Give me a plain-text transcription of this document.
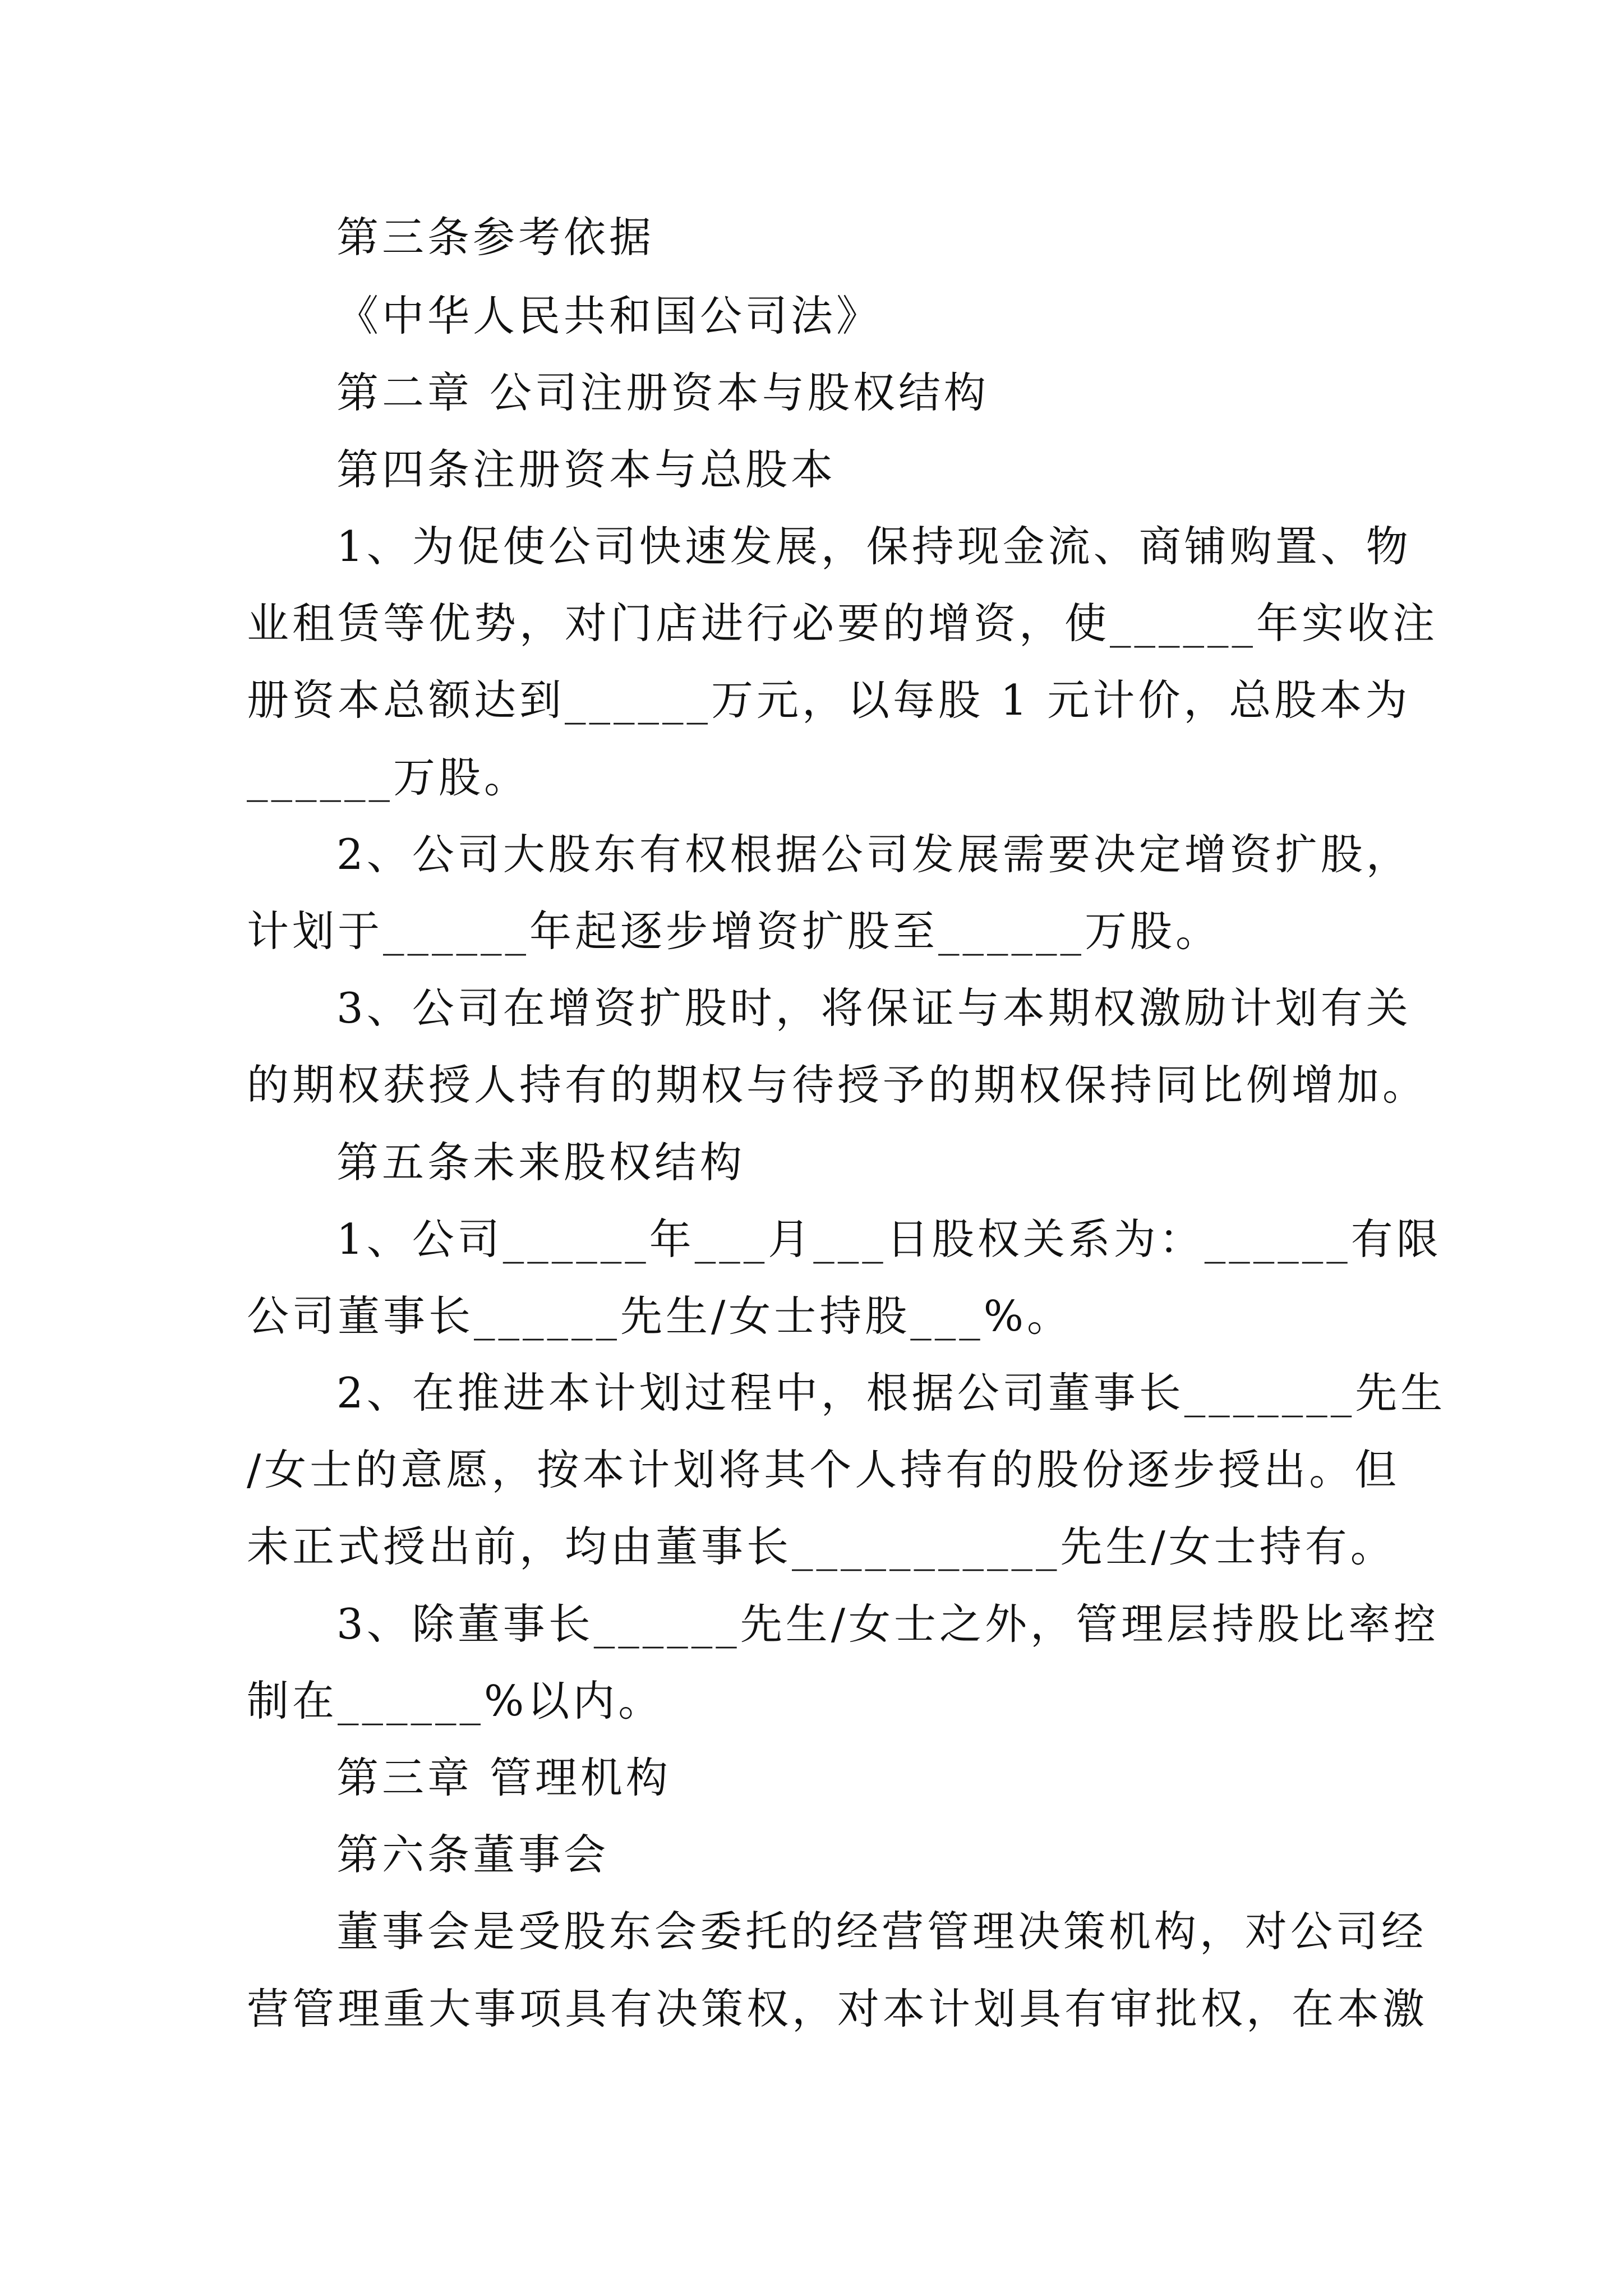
第三条参考依据
《中华人民共和国公司法》
第二章 公司注册资本与股权结构
第四条注册资本与总股本
1、为促使公司快速发展，保持现金流、商铺购置、物
业租赁等优势，对门店进行必要的增资，使______年实收注
册资本总额达到______万元，以每股 1 元计价，总股本为
______万股。
2、公司大股东有权根据公司发展需要决定增资扩股，
计划于______年起逐步增资扩股至______万股。
3、公司在增资扩股时，将保证与本期权激励计划有关
的期权获授人持有的期权与待授予的期权保持同比例增加。
第五条未来股权结构
1、公司______年___月___日股权关系为：______有限
公司董事长______先生/女士持股___%。
2、在推进本计划过程中，根据公司董事长_______先生
/女士的意愿，按本计划将其个人持有的股份逐步授出。但
未正式授出前，均由董事长___________先生/女士持有。
3、除董事长______先生/女士之外，管理层持股比率控
制在______%以内。
第三章 管理机构
第六条董事会
董事会是受股东会委托的经营管理决策机构，对公司经
营管理重大事项具有决策权，对本计划具有审批权，在本激
